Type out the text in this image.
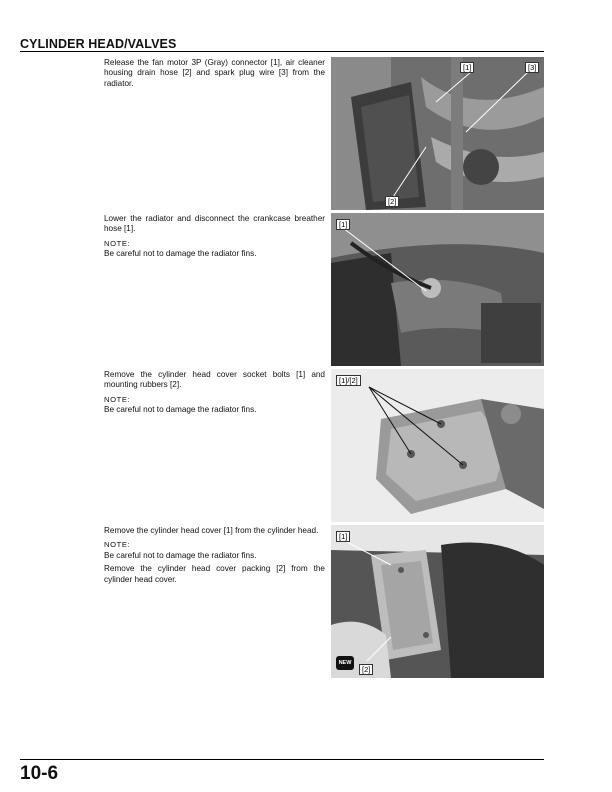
CYLINDER HEAD/VALVES

Release the fan motor 3P (Gray) connector [1], air cleaner housing drain hose [2] and spark plug wire [3] from the radiator.

[1]	[3]
[2]

Lower the radiator and disconnect the crankcase breather hose [1].

NOTE:

Be careful not to damage the radiator fins.

[1]

Remove the cylinder head cover socket bolts [1] and mounting rubbers [2].

NOTE:

Be careful not to damage the radiator fins.

[1]/[2]

Remove the cylinder head cover [1] from the cylinder head.

NOTE:

Be careful not to damage the radiator fins.

Remove the cylinder head cover packing [2] from the cylinder head cover.

[1]
[2]
NEW
10-6
